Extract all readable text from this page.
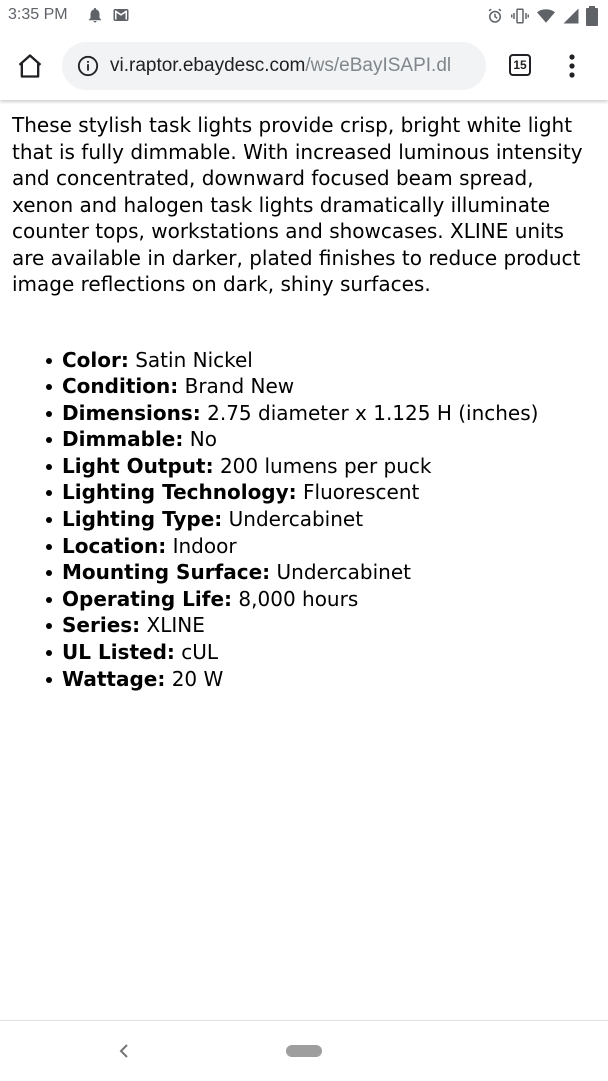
3:35 PM
vi.raptor.ebaydesc.com/ws/eBayISAPI.dl	15

These stylish task lights provide crisp, bright white light that is fully dimmable. With increased luminous intensity and concentrated, downward focused beam spread, xenon and halogen task lights dramatically illuminate counter tops, workstations and showcases. XLINE units are available in darker, plated finishes to reduce product image reflections on dark, shiny surfaces.

Color: Satin Nickel
Condition: Brand New
Dimensions: 2.75 diameter x 1.125 H (inches)
Dimmable: No
Light Output: 200 lumens per puck
Lighting Technology: Fluorescent
Lighting Type: Undercabinet
Location: Indoor
Mounting Surface: Undercabinet
Operating Life: 8,000 hours
Series: XLINE
UL Listed: cUL
Wattage: 20 W
